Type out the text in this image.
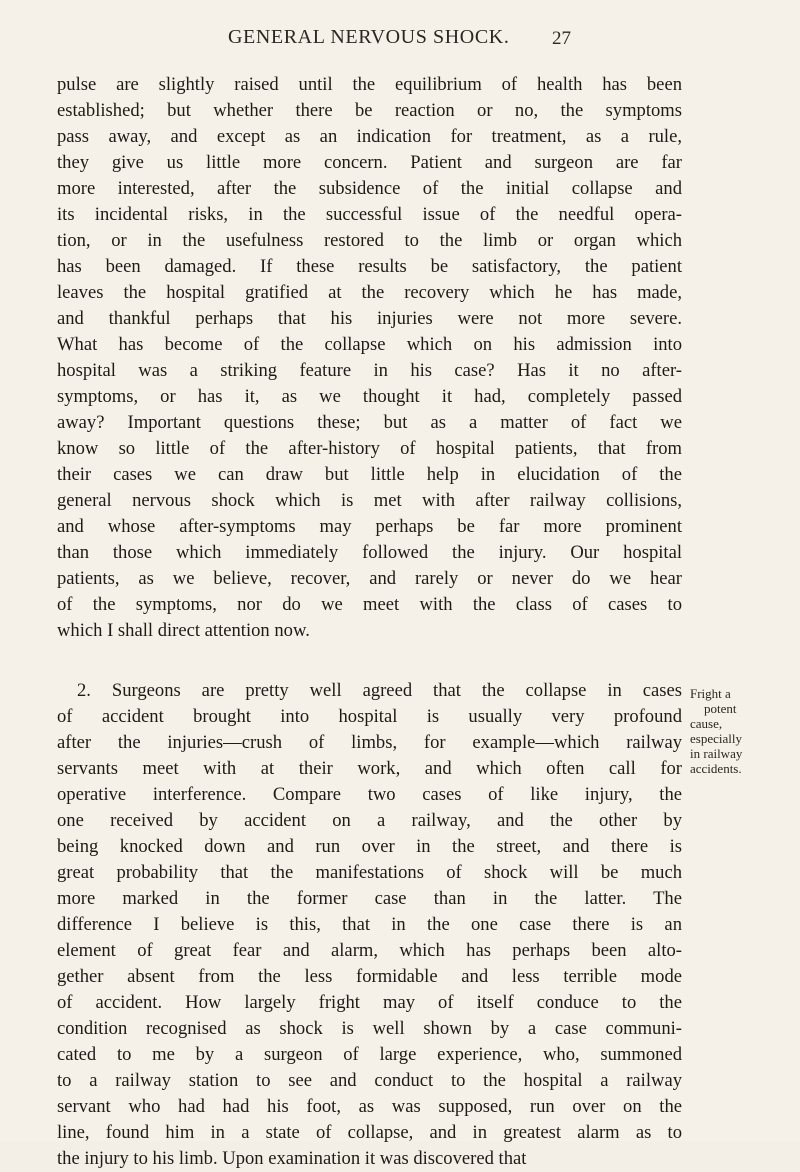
GENERAL NERVOUS SHOCK. 27

pulse are slightly raised until the equilibrium of health has been

established; but whether there be reaction or no, the symptoms

pass away, and except as an indication for treatment, as a rule,

they give us little more concern. Patient and surgeon are far

more interested, after the subsidence of the initial collapse and

its incidental risks, in the successful issue of the needful opera-

tion, or in the usefulness restored to the limb or organ which

has been damaged. If these results be satisfactory, the patient

leaves the hospital gratified at the recovery which he has made,

and thankful perhaps that his injuries were not more severe.

What has become of the collapse which on his admission into

hospital was a striking feature in his case? Has it no after-

symptoms, or has it, as we thought it had, completely passed

away? Important questions these; but as a matter of fact we

know so little of the after-history of hospital patients, that from

their cases we can draw but little help in elucidation of the

general nervous shock which is met with after railway collisions,

and whose after-symptoms may perhaps be far more prominent

than those which immediately followed the injury. Our hospital

patients, as we believe, recover, and rarely or never do we hear

of the symptoms, nor do we meet with the class of cases to

which I shall direct attention now.

2. Surgeons are pretty well agreed that the collapse in cases

of accident brought into hospital is usually very profound

after the injuries—crush of limbs, for example—which railway

servants meet with at their work, and which often call for

operative interference. Compare two cases of like injury, the

one received by accident on a railway, and the other by

being knocked down and run over in the street, and there is

great probability that the manifestations of shock will be much

more marked in the former case than in the latter. The

difference I believe is this, that in the one case there is an

element of great fear and alarm, which has perhaps been alto-

gether absent from the less formidable and less terrible mode

of accident. How largely fright may of itself conduce to the

condition recognised as shock is well shown by a case communi-

cated to me by a surgeon of large experience, who, summoned

to a railway station to see and conduct to the hospital a railway

servant who had had his foot, as was supposed, run over on the

line, found him in a state of collapse, and in greatest alarm as to

the injury to his limb. Upon examination it was discovered that

Fright a
potent
cause,
especially
in railway
accidents.
